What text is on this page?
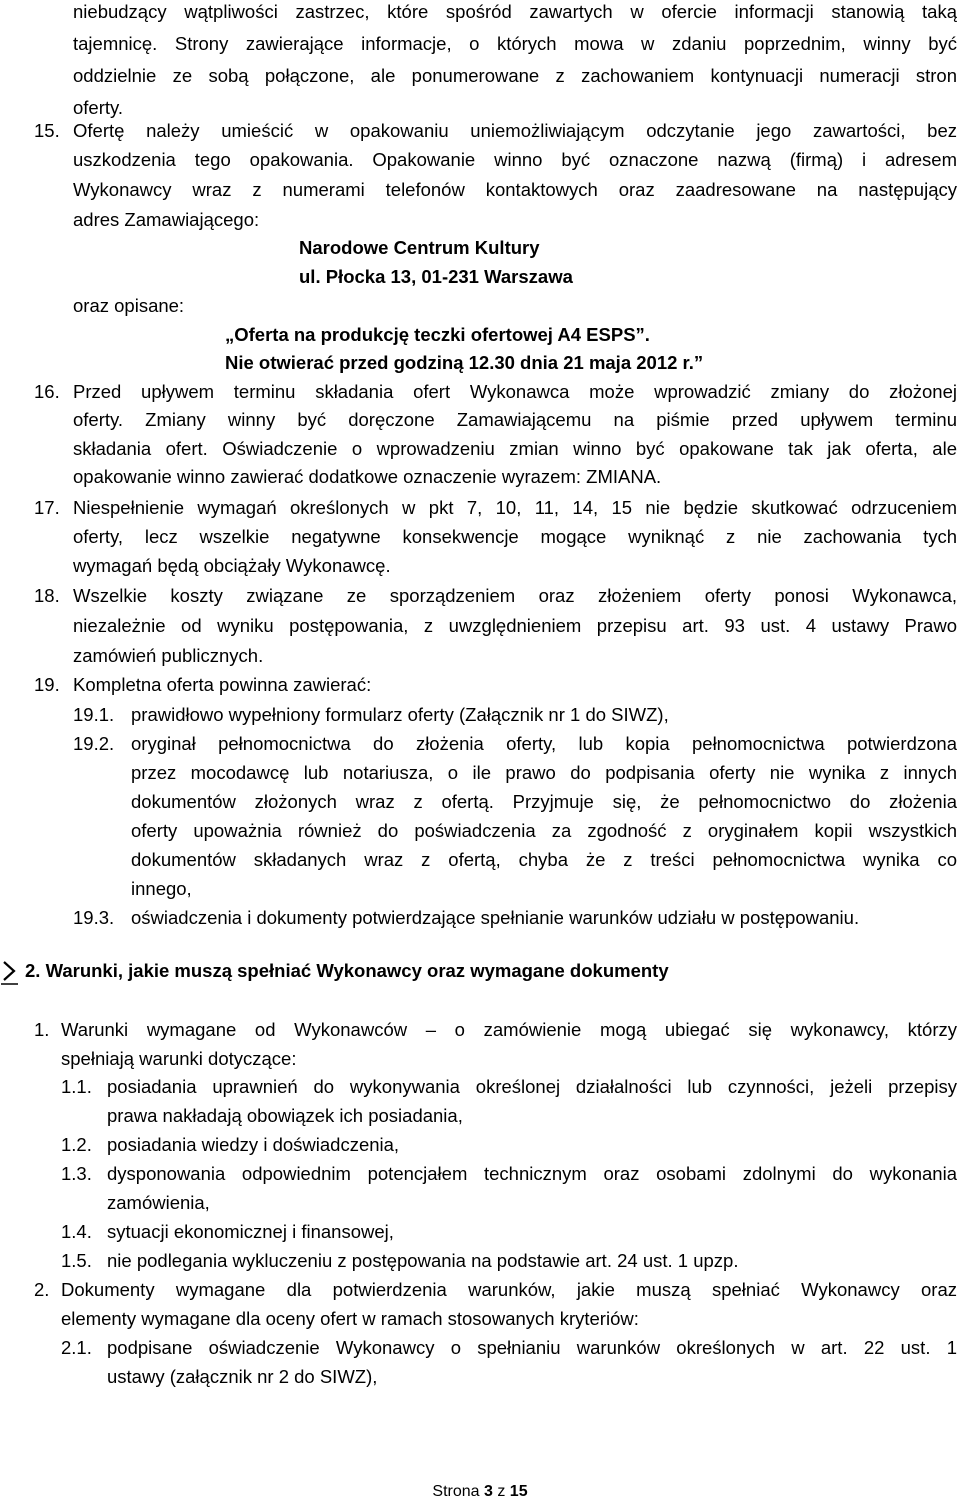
niebudzący wątpliwości zastrzec, które spośród zawartych w ofercie informacji stanowią taką
tajemnicę. Strony zawierające informacje, o których mowa w zdaniu poprzednim, winny być
oddzielnie ze sobą połączone, ale ponumerowane z zachowaniem kontynuacji numeracji stron
oferty.
15. Ofertę należy umieścić w opakowaniu uniemożliwiającym odczytanie jego zawartości, bez
uszkodzenia tego opakowania. Opakowanie winno być oznaczone nazwą (firmą) i adresem
Wykonawcy wraz z numerami telefonów kontaktowych oraz zaadresowane na następujący
adres Zamawiającego:
Narodowe Centrum Kultury
ul. Płocka 13, 01-231 Warszawa
oraz opisane:
„Oferta na produkcję teczki ofertowej A4 ESPS”.
Nie otwierać przed godziną 12.30 dnia 21 maja 2012 r.”
16. Przed upływem terminu składania ofert Wykonawca może wprowadzić zmiany do złożonej
oferty. Zmiany winny być doręczone Zamawiającemu na piśmie przed upływem terminu
składania ofert. Oświadczenie o wprowadzeniu zmian winno być opakowane tak jak oferta, ale
opakowanie winno zawierać dodatkowe oznaczenie wyrazem: ZMIANA.
17. Niespełnienie wymagań określonych w pkt 7, 10, 11, 14, 15 nie będzie skutkować odrzuceniem
oferty, lecz wszelkie negatywne konsekwencje mogące wyniknąć z nie zachowania tych
wymagań będą obciążały Wykonawcę.
18. Wszelkie koszty związane ze sporządzeniem oraz złożeniem oferty ponosi Wykonawca,
niezależnie od wyniku postępowania, z uwzględnieniem przepisu art. 93 ust. 4 ustawy Prawo
zamówień publicznych.
19. Kompletna oferta powinna zawierać:
19.1. prawidłowo wypełniony formularz oferty (Załącznik nr 1 do SIWZ),
19.2. oryginał pełnomocnictwa do złożenia oferty, lub kopia pełnomocnictwa potwierdzona
przez mocodawcę lub notariusza, o ile prawo do podpisania oferty nie wynika z innych
dokumentów złożonych wraz z ofertą. Przyjmuje się, że pełnomocnictwo do złożenia
oferty upoważnia również do poświadczenia za zgodność z oryginałem kopii wszystkich
dokumentów składanych wraz z ofertą, chyba że z treści pełnomocnictwa wynika co
innego,
19.3. oświadczenia i dokumenty potwierdzające spełnianie warunków udziału w postępowaniu.
2. Warunki, jakie muszą spełniać Wykonawcy oraz wymagane dokumenty
1. Warunki wymagane od Wykonawców – o zamówienie mogą ubiegać się wykonawcy, którzy
spełniają warunki dotyczące:
1.1. posiadania uprawnień do wykonywania określonej działalności lub czynności, jeżeli przepisy
prawa nakładają obowiązek ich posiadania,
1.2. posiadania wiedzy i doświadczenia,
1.3. dysponowania odpowiednim potencjałem technicznym oraz osobami zdolnymi do wykonania
zamówienia,
1.4. sytuacji ekonomicznej i finansowej,
1.5. nie podlegania wykluczeniu z postępowania na podstawie art. 24 ust. 1 upzp.
2. Dokumenty wymagane dla potwierdzenia warunków, jakie muszą spełniać Wykonawcy oraz
elementy wymagane dla oceny ofert w ramach stosowanych kryteriów:
2.1. podpisane oświadczenie Wykonawcy o spełnianiu warunków określonych w art. 22 ust. 1
ustawy (załącznik nr 2 do SIWZ),
Strona 3 z 15
